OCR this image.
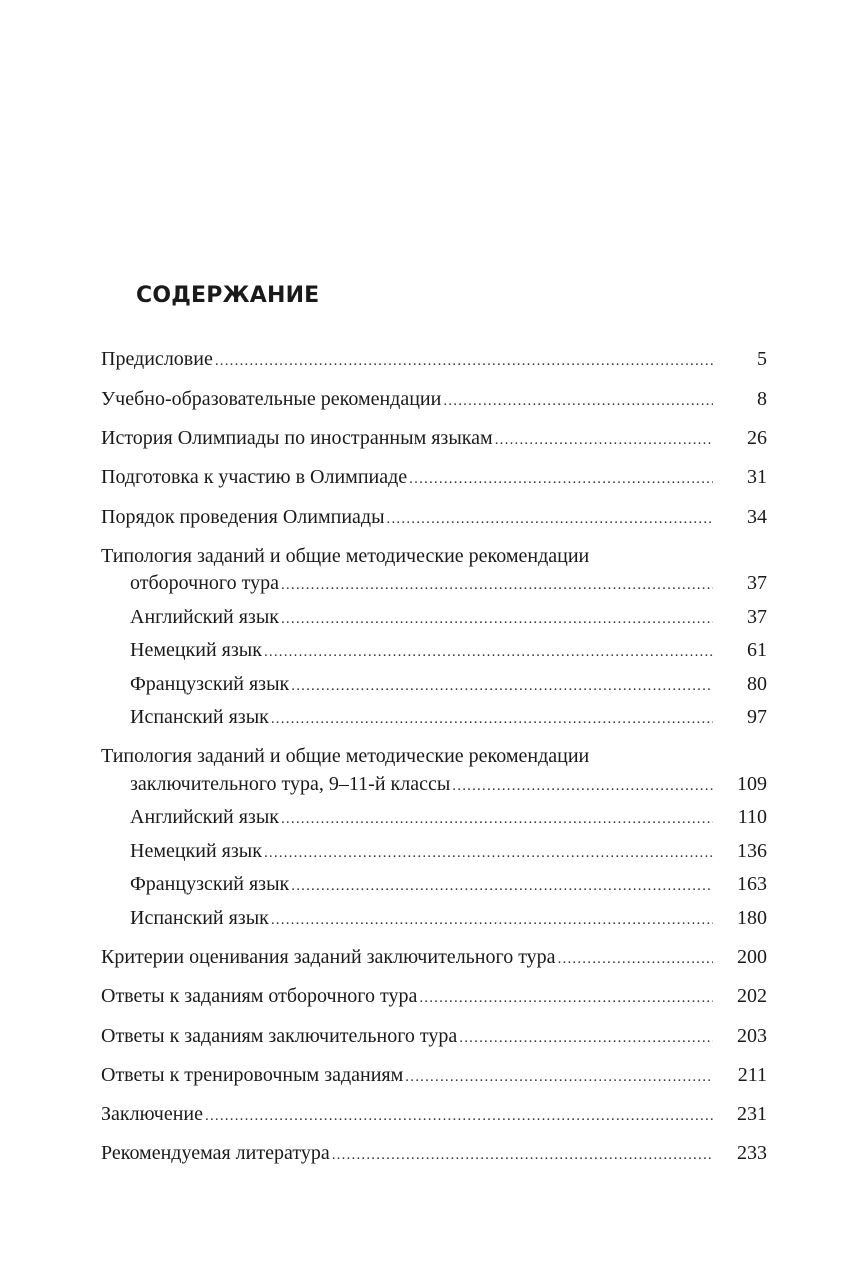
СОДЕРЖАНИЕ
Предисловие .....	5
Учебно-образовательные рекомендации .....	8
История Олимпиады по иностранным языкам .....	26
Подготовка к участию в Олимпиаде .....	31
Порядок проведения Олимпиады .....	34
Типология заданий и общие методические рекомендации
отборочного тура .....	37
Английский язык .....	37
Немецкий язык .....	61
Французский язык .....	80
Испанский язык .....	97
Типология заданий и общие методические рекомендации
заключительного тура, 9–11-й классы .....	109
Английский язык .....	110
Немецкий язык .....	136
Французский язык .....	163
Испанский язык .....	180
Критерии оценивания заданий заключительного тура .....	200
Ответы к заданиям отборочного тура .....	202
Ответы к заданиям заключительного тура .....	203
Ответы к тренировочным заданиям .....	211
Заключение .....	231
Рекомендуемая литература .....	233
